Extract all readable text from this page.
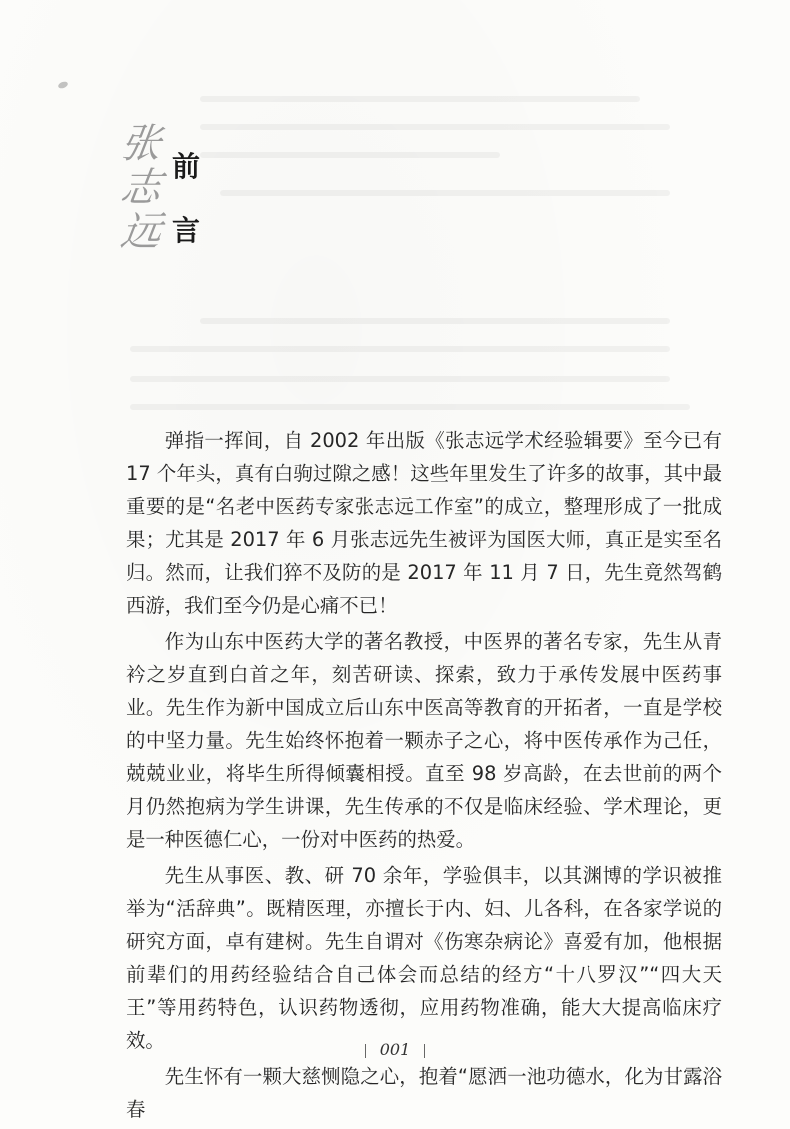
张
志
远
前
言

弹指一挥间，自 2002 年出版《张志远学术经验辑要》至今已有 17 个年头，真有白驹过隙之感！这些年里发生了许多的故事，其中最重要的是“名老中医药专家张志远工作室”的成立，整理形成了一批成果；尤其是 2017 年 6 月张志远先生被评为国医大师，真正是实至名归。然而，让我们猝不及防的是 2017 年 11 月 7 日，先生竟然驾鹤西游，我们至今仍是心痛不已！

作为山东中医药大学的著名教授，中医界的著名专家，先生从青衿之岁直到白首之年，刻苦研读、探索，致力于承传发展中医药事业。先生作为新中国成立后山东中医高等教育的开拓者，一直是学校的中坚力量。先生始终怀抱着一颗赤子之心，将中医传承作为己任，兢兢业业，将毕生所得倾囊相授。直至 98 岁高龄，在去世前的两个月仍然抱病为学生讲课，先生传承的不仅是临床经验、学术理论，更是一种医德仁心，一份对中医药的热爱。

先生从事医、教、研 70 余年，学验俱丰，以其渊博的学识被推举为“活辞典”。既精医理，亦擅长于内、妇、儿各科，在各家学说的研究方面，卓有建树。先生自谓对《伤寒杂病论》喜爱有加，他根据前辈们的用药经验结合自己体会而总结的经方“十八罗汉”“四大天王”等用药特色，认识药物透彻，应用药物准确，能大大提高临床疗效。

先生怀有一颗大慈恻隐之心，抱着“愿洒一池功德水，化为甘露浴春

001
